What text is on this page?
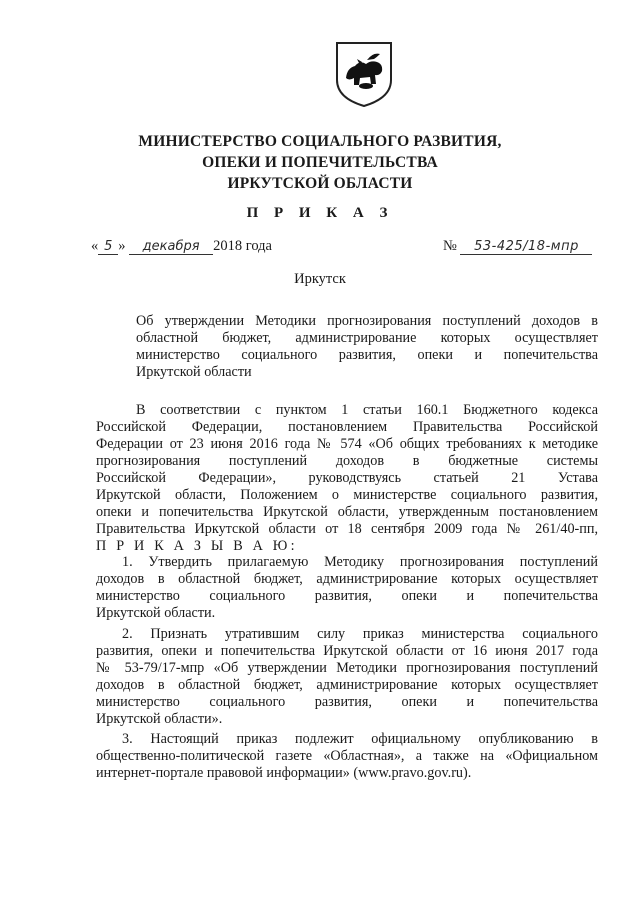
МИНИСТЕРСТВО СОЦИАЛЬНОГО РАЗВИТИЯ,
ОПЕКИ И ПОПЕЧИТЕЛЬСТВА
ИРКУТСКОЙ ОБЛАСТИ
П Р И К А З
« 5 » декабря 2018 года	№ 53-425/18-мпр
Иркутск
Об утверждении Методики прогнозирования поступлений доходов в
областной бюджет, администрирование которых осуществляет
министерство социального развития, опеки и попечительства
Иркутской области
В соответствии с пунктом 1 статьи 160.1 Бюджетного кодекса
Российской Федерации, постановлением Правительства Российской
Федерации от 23 июня 2016 года № 574 «Об общих требованиях к методике
прогнозирования поступлений доходов в бюджетные системы
Российской Федерации», руководствуясь статьей 21 Устава
Иркутской области, Положением о министерстве социального развития,
опеки и попечительства Иркутской области, утвержденным постановлением
Правительства Иркутской области от 18 сентября 2009 года № 261/40-пп,
П Р И К А З Ы В А Ю:
1. Утвердить прилагаемую Методику прогнозирования поступлений
доходов в областной бюджет, администрирование которых осуществляет
министерство социального развития, опеки и попечительства
Иркутской области.
2. Признать утратившим силу приказ министерства социального
развития, опеки и попечительства Иркутской области от 16 июня 2017 года
№ 53-79/17-мпр «Об утверждении Методики прогнозирования поступлений
доходов в областной бюджет, администрирование которых осуществляет
министерство социального развития, опеки и попечительства
Иркутской области».
3. Настоящий приказ подлежит официальному опубликованию в
общественно-политической газете «Областная», а также на «Официальном
интернет-портале правовой информации» (www.pravo.gov.ru).
